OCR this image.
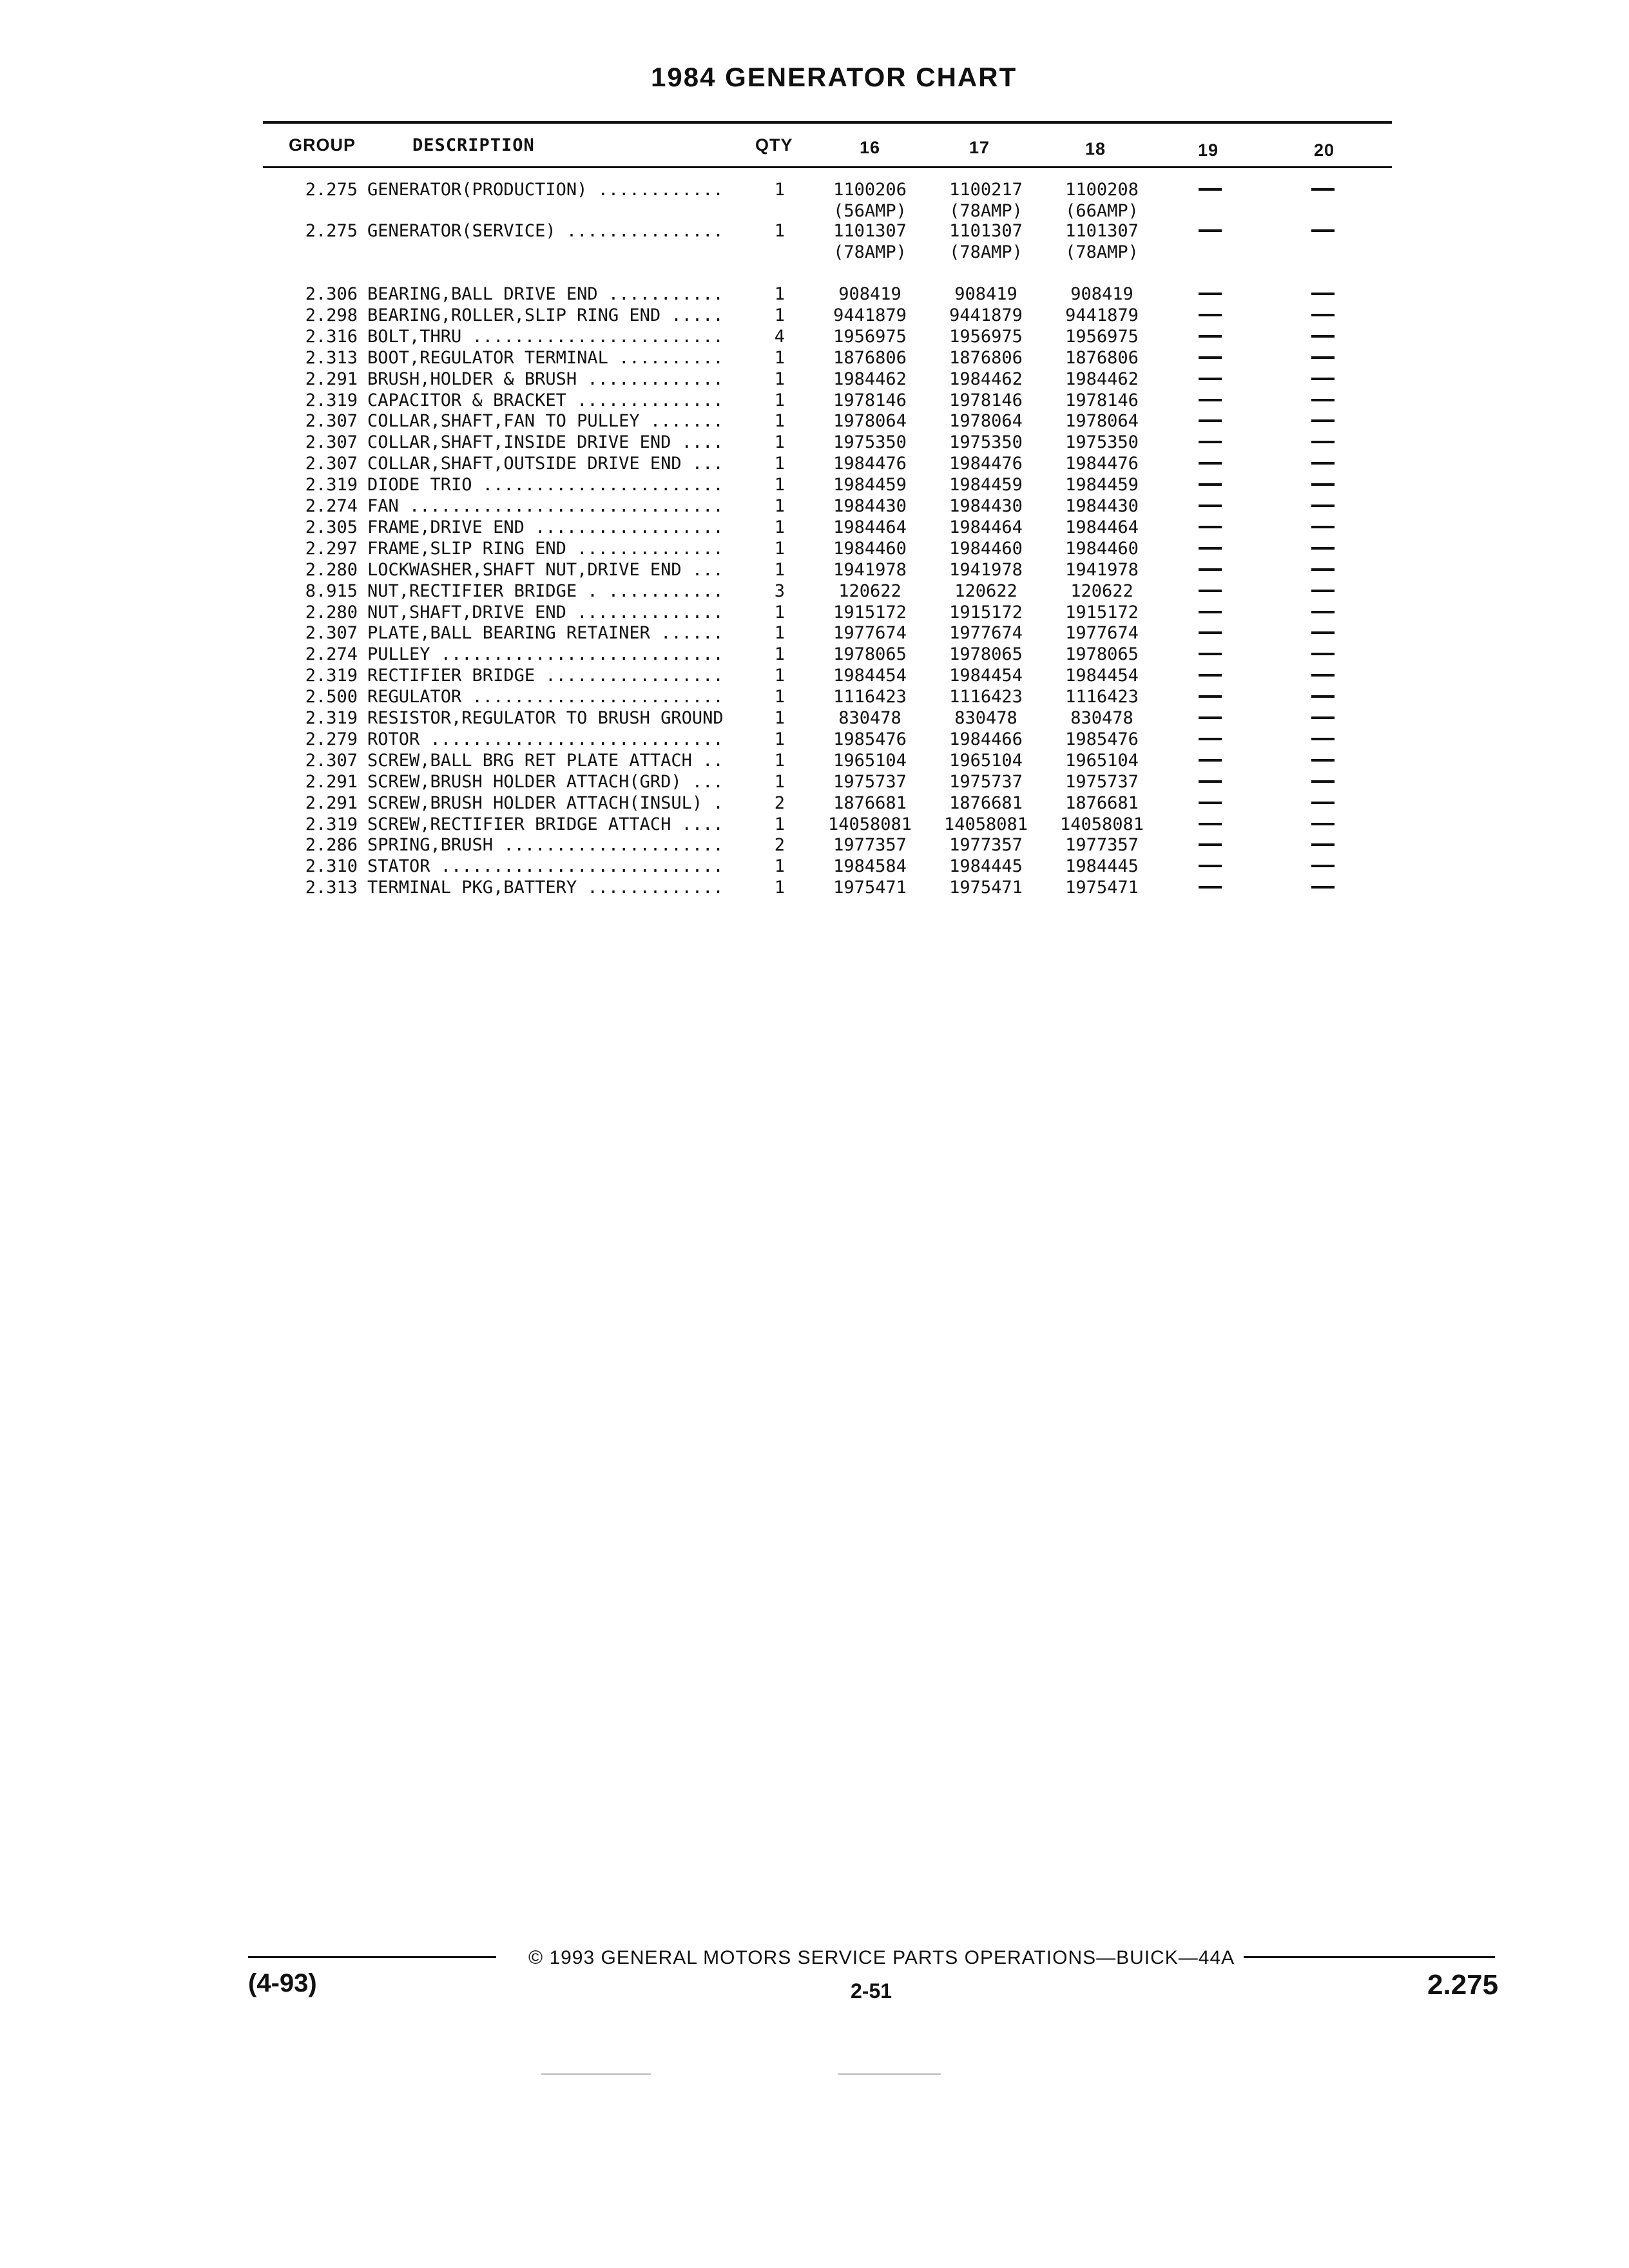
1984 GENERATOR CHART
GROUP	DESCRIPTION	QTY	16	17	18	19	20
2.275 GENERATOR(PRODUCTION) ............	1	1100206	1100217	1100208
(56AMP)	(78AMP)	(66AMP)
2.275 GENERATOR(SERVICE) ...............	1	1101307	1101307	1101307
(78AMP)	(78AMP)	(78AMP)
2.306 BEARING,BALL DRIVE END ...........	1	908419	908419	908419
2.298 BEARING,ROLLER,SLIP RING END .....	1	9441879	9441879	9441879
2.316 BOLT,THRU ........................	4	1956975	1956975	1956975
2.313 BOOT,REGULATOR TERMINAL ..........	1	1876806	1876806	1876806
2.291 BRUSH,HOLDER & BRUSH .............	1	1984462	1984462	1984462
2.319 CAPACITOR & BRACKET ..............	1	1978146	1978146	1978146
2.307 COLLAR,SHAFT,FAN TO PULLEY .......	1	1978064	1978064	1978064
2.307 COLLAR,SHAFT,INSIDE DRIVE END ....	1	1975350	1975350	1975350
2.307 COLLAR,SHAFT,OUTSIDE DRIVE END ...	1	1984476	1984476	1984476
2.319 DIODE TRIO .......................	1	1984459	1984459	1984459
2.274 FAN ..............................	1	1984430	1984430	1984430
2.305 FRAME,DRIVE END ..................	1	1984464	1984464	1984464
2.297 FRAME,SLIP RING END ..............	1	1984460	1984460	1984460
2.280 LOCKWASHER,SHAFT NUT,DRIVE END ...	1	1941978	1941978	1941978
8.915 NUT,RECTIFIER BRIDGE . ...........	3	120622	120622	120622
2.280 NUT,SHAFT,DRIVE END ..............	1	1915172	1915172	1915172
2.307 PLATE,BALL BEARING RETAINER ......	1	1977674	1977674	1977674
2.274 PULLEY ...........................	1	1978065	1978065	1978065
2.319 RECTIFIER BRIDGE .................	1	1984454	1984454	1984454
2.500 REGULATOR ........................	1	1116423	1116423	1116423
2.319 RESISTOR,REGULATOR TO BRUSH GROUND	1	830478	830478	830478
2.279 ROTOR ............................	1	1985476	1984466	1985476
2.307 SCREW,BALL BRG RET PLATE ATTACH ..	1	1965104	1965104	1965104
2.291 SCREW,BRUSH HOLDER ATTACH(GRD) ...	1	1975737	1975737	1975737
2.291 SCREW,BRUSH HOLDER ATTACH(INSUL) .	2	1876681	1876681	1876681
2.319 SCREW,RECTIFIER BRIDGE ATTACH ....	1	14058081	14058081	14058081
2.286 SPRING,BRUSH .....................	2	1977357	1977357	1977357
2.310 STATOR ...........................	1	1984584	1984445	1984445
2.313 TERMINAL PKG,BATTERY .............	1	1975471	1975471	1975471
© 1993 GENERAL MOTORS SERVICE PARTS OPERATIONS—BUICK—44A
2-51
(4-93)	2.275
